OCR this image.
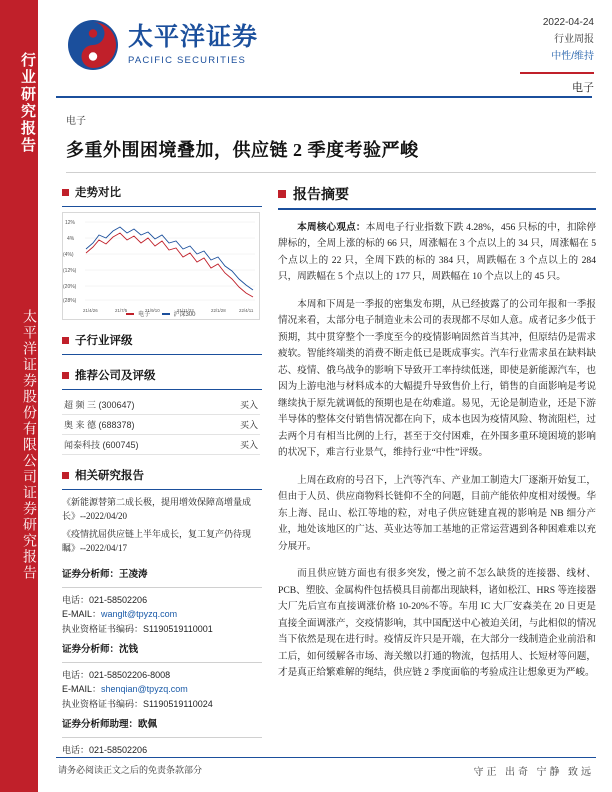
行业研究报告
太平洋证券股份有限公司证券研究报告
太平洋证券
PACIFIC SECURITIES
2022-04-24
行业周报
中性/维持
电子
电子
多重外围困境叠加，供应链 2 季度考验严峻
走势对比
12%
4%
(4%)
(12%)
(20%)
(28%)
21/4/26	21/7/5	21/9/10	21/11/22	22/1/28	22/4/11
电子	沪深300
子行业评级
推荐公司及评级
超 频 三 (300647)	买入
奥 来 德 (688378)	买入
闻泰科技 (600745)	买入
相关研究报告
《新能源替第二成长极，提用增效保障高增量成长》--2022/04/20
《疫情扰屈供应链上半年成长，复工复产仍待现瞩》--2022/04/17
证券分析师：王凌涛
电话：021-58502206
E-MAIL：wanglt@tpyzq.com
执业资格证书编码：S1190519110001
证券分析师：沈钱
电话：021-58502206-8008
E-MAIL：shenqian@tpyzq.com
执业资格证书编码：S1190519110024
证券分析师助理：欧佩
电话：021-58502206
报告摘要
本周核心观点：本周电子行业指数下跌 4.28%，456 只标的中，扣除停牌标的，全周上涨的标的 66 只，周涨幅在 3 个点以上的 34 只，周涨幅在 5 个点以上的 22 只，全周下跌的标的 384 只，周跌幅在 3 个点以上的 284 只，周跌幅在 5 个点以上的 177 只，周跌幅在 10 个点以上的 45 只。
本周和下周是一季报的密集发布期，从已经披露了的公司年报和一季报情况来看，太部分电子制造业未公司的表现都不尽如人意。成者记多少低于预期，其中贯穿整个一季度至今的疫情影响固然首当其冲，但原结仍是需求疲软。智能终端类的消费不断走低已是既成事实。汽车行业需求虽在缺料缺芯、疫情、俄乌战争的影响下导致开工率持续低迷，即使是新能源汽车，也因为上游电池与材料成本的大幅提升导致售价上行，销售的自面影响是考说继续执于原先就调低的预期也是在幼难道。易见，无论是制造业，还是下游半导体的整体交付销售情况都在向下，成本也因为疫情风险、物流阻栏，过去两个月有相当比例的上行，甚至于交付困难，在外围多重环境困境的影响的状况下，难言行业景气，维持行业“中性”评级。
上周在政府的号召下，上汽等汽车、产业加工制造大厂逐渐开始复工，但由于人员、供应商物料长链仰不全的问题，目前产能依仲度相对缓慢。华东上海、昆山、松江等地的粒，对电子供应链建直视的影响是 NB 细分产业，地处该地区的广达、英业达等加工基地的正常运营遇到各种困难难以充分展开。
而且供应链方面也有很多突发，慢之前不怎么缺货的连接器、线材、PCB、塑胶、金属构件包括模具目前都出现缺料，诸如松江、HRS 等连接器大厂先后宣布直接调涨价格 10-20%不等。车用 IC 大厂安森美在 20 日更是直接全面调涨产，交疫情影响，其中国配送中心被迫关闭，与此相似的情况当下依然是现在进行时。疫情反许只是开端，在大部分一线制造企业前沿和工后，如何缓解各市场、海关缴以打通的物流，包括用人、长短材等问题，才是真正给繁难解的绳结，供应链 2 季度面临的考验成注让想象更为严峻。
请务必阅读正文之后的免责条款部分	守正 出奇 宁静 致远
